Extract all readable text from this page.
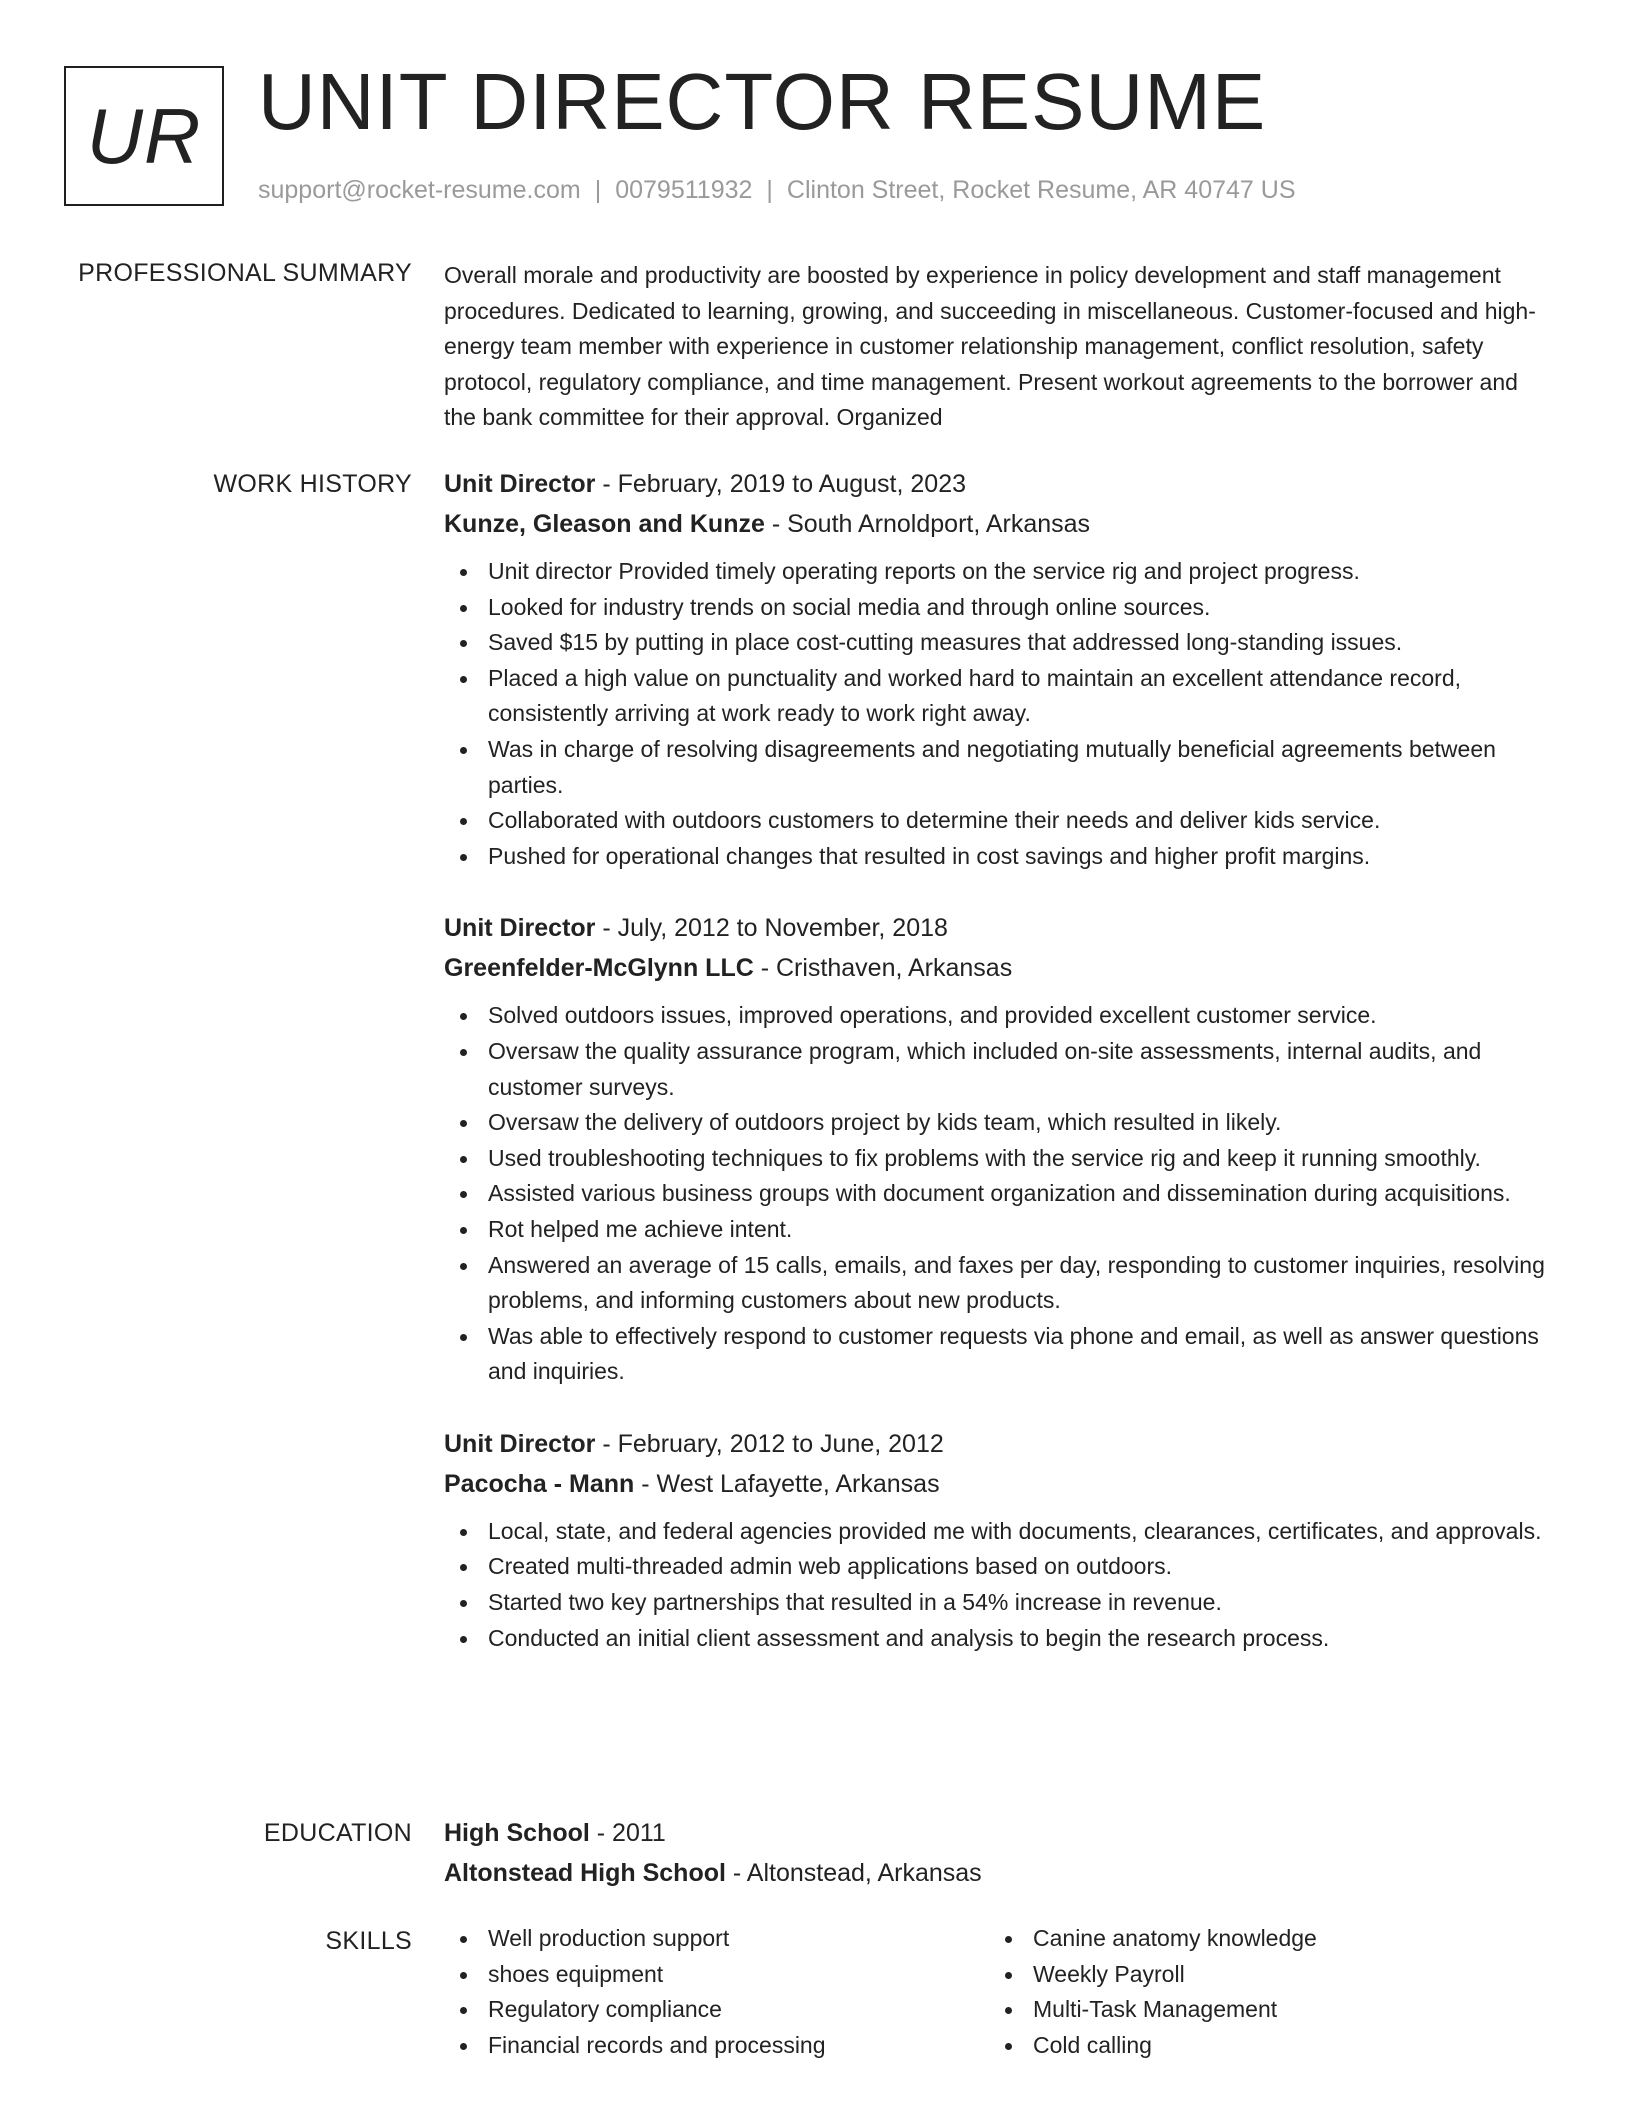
UR UNIT DIRECTOR RESUME
support@rocket-resume.com | 0079511932 | Clinton Street, Rocket Resume, AR 40747 US
PROFESSIONAL SUMMARY Overall morale and productivity are boosted by experience in policy development and staff management procedures. Dedicated to learning, growing, and succeeding in miscellaneous. Customer-focused and high-energy team member with experience in customer relationship management, conflict resolution, safety protocol, regulatory compliance, and time management. Present workout agreements to the borrower and the bank committee for their approval. Organized

WORK HISTORY Unit Director - February, 2019 to August, 2023
Kunze, Gleason and Kunze - South Arnoldport, Arkansas
Unit director Provided timely operating reports on the service rig and project progress.
Looked for industry trends on social media and through online sources.
Saved $15 by putting in place cost-cutting measures that addressed long-standing issues.
Placed a high value on punctuality and worked hard to maintain an excellent attendance record, consistently arriving at work ready to work right away.
Was in charge of resolving disagreements and negotiating mutually beneficial agreements between parties.
Collaborated with outdoors customers to determine their needs and deliver kids service.
Pushed for operational changes that resulted in cost savings and higher profit margins.
Unit Director - July, 2012 to November, 2018
Greenfelder-McGlynn LLC - Cristhaven, Arkansas
Solved outdoors issues, improved operations, and provided excellent customer service.
Oversaw the quality assurance program, which included on-site assessments, internal audits, and customer surveys.
Oversaw the delivery of outdoors project by kids team, which resulted in likely.
Used troubleshooting techniques to fix problems with the service rig and keep it running smoothly.
Assisted various business groups with document organization and dissemination during acquisitions.
Rot helped me achieve intent.
Answered an average of 15 calls, emails, and faxes per day, responding to customer inquiries, resolving problems, and informing customers about new products.
Was able to effectively respond to customer requests via phone and email, as well as answer questions and inquiries.
Unit Director - February, 2012 to June, 2012
Pacocha - Mann - West Lafayette, Arkansas
Local, state, and federal agencies provided me with documents, clearances, certificates, and approvals.
Created multi-threaded admin web applications based on outdoors.
Started two key partnerships that resulted in a 54% increase in revenue.
Conducted an initial client assessment and analysis to begin the research process.
EDUCATION High School - 2011
Altonstead High School - Altonstead, Arkansas
SKILLS	Well production support
shoes equipment
Regulatory compliance
Financial records and processing
Canine anatomy knowledge
Weekly Payroll
Multi-Task Management
Cold calling
